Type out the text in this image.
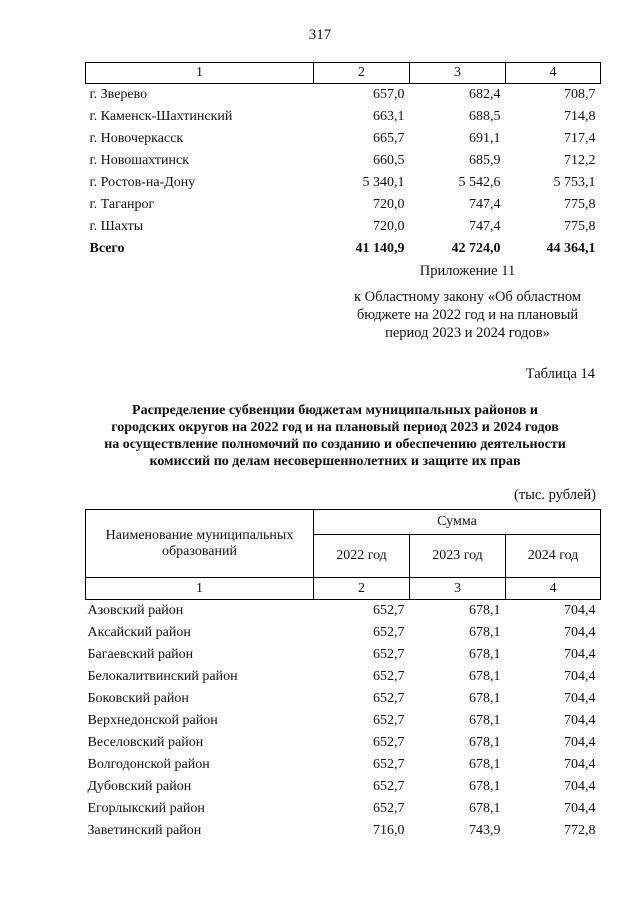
317
1	2	3	4
г. Зверево	657,0	682,4	708,7
г. Каменск-Шахтинский	663,1	688,5	714,8
г. Новочеркасск	665,7	691,1	717,4
г. Новошахтинск	660,5	685,9	712,2
г. Ростов-на-Дону	5 340,1	5 542,6	5 753,1
г. Таганрог	720,0	747,4	775,8
г. Шахты	720,0	747,4	775,8
Всего	41 140,9	42 724,0	44 364,1
Приложение 11
к Областному закону «Об областном
бюджете на 2022 год и на плановый
период 2023 и 2024 годов»
Таблица 14
Распределение субвенции бюджетам муниципальных районов и
городских округов на 2022 год и на плановый период 2023 и 2024 годов
на осуществление полномочий по созданию и обеспечению деятельности
комиссий по делам несовершеннолетних и защите их прав
(тыс. рублей)
Наименование муниципальных
образований	Сумма		
	2022 год	2023 год	2024 год
1	2	3	4
Азовский район	652,7	678,1	704,4
Аксайский район	652,7	678,1	704,4
Багаевский район	652,7	678,1	704,4
Белокалитвинский район	652,7	678,1	704,4
Боковский район	652,7	678,1	704,4
Верхнедонской район	652,7	678,1	704,4
Веселовский район	652,7	678,1	704,4
Волгодонской район	652,7	678,1	704,4
Дубовский район	652,7	678,1	704,4
Егорлыкский район	652,7	678,1	704,4
Заветинский район	716,0	743,9	772,8
